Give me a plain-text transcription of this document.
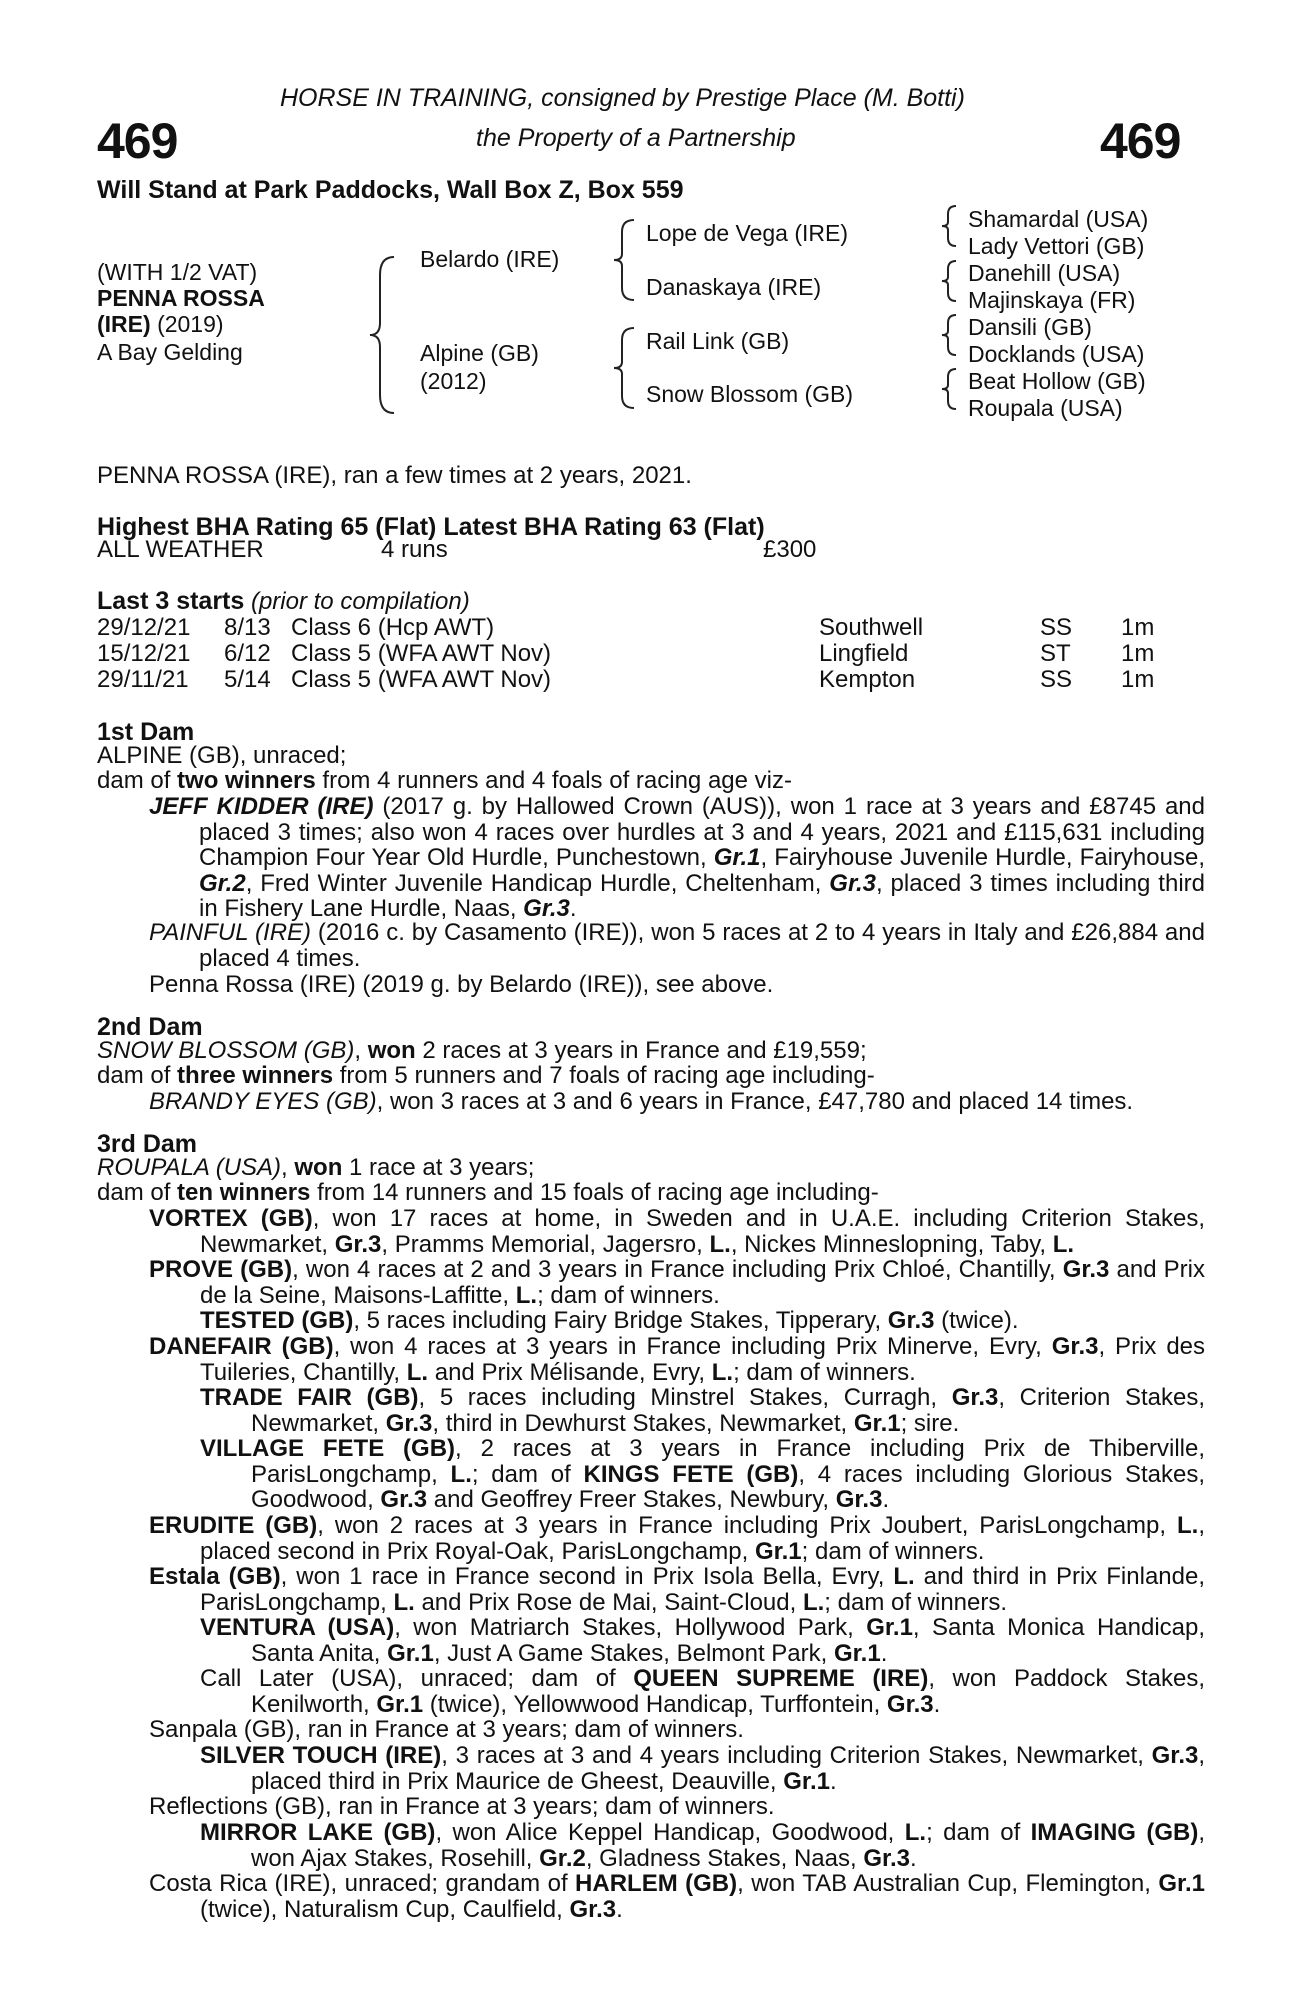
469	469
HORSE IN TRAINING, consigned by Prestige Place (M. Botti)
the Property of a Partnership
Will Stand at Park Paddocks, Wall Box Z, Box 559
(WITH 1/2 VAT)
PENNA ROSSA
(IRE) (2019)
A Bay Gelding
Belardo (IRE)
Alpine (GB)
(2012)
Lope de Vega (IRE)
Danaskaya (IRE)
Rail Link (GB)
Snow Blossom (GB)
Shamardal (USA)
Lady Vettori (GB)
Danehill (USA)
Majinskaya (FR)
Dansili (GB)
Docklands (USA)
Beat Hollow (GB)
Roupala (USA)
PENNA ROSSA (IRE), ran a few times at 2 years, 2021.
Highest BHA Rating 65 (Flat) Latest BHA Rating 63 (Flat)
ALL WEATHER	4 runs	£300
Last 3 starts (prior to compilation)
29/12/21 8/13 Class 6 (Hcp AWT)	Southwell	SS 1m
15/12/21 6/12 Class 5 (WFA AWT Nov)	Lingfield	ST 1m
29/11/21 5/14 Class 5 (WFA AWT Nov)	Kempton	SS 1m
1st Dam
ALPINE (GB), unraced;
dam of two winners from 4 runners and 4 foals of racing age viz-
JEFF KIDDER (IRE) (2017 g. by Hallowed Crown (AUS)), won 1 race at 3 years and £8745 and placed 3 times; also won 4 races over hurdles at 3 and 4 years, 2021 and £115,631 including Champion Four Year Old Hurdle, Punchestown, Gr.1, Fairyhouse Juvenile Hurdle, Fairyhouse, Gr.2, Fred Winter Juvenile Handicap Hurdle, Cheltenham, Gr.3, placed 3 times including third in Fishery Lane Hurdle, Naas, Gr.3.
PAINFUL (IRE) (2016 c. by Casamento (IRE)), won 5 races at 2 to 4 years in Italy and £26,884 and placed 4 times.
Penna Rossa (IRE) (2019 g. by Belardo (IRE)), see above.
2nd Dam
SNOW BLOSSOM (GB), won 2 races at 3 years in France and £19,559;
dam of three winners from 5 runners and 7 foals of racing age including-
BRANDY EYES (GB), won 3 races at 3 and 6 years in France, £47,780 and placed 14 times.
3rd Dam
ROUPALA (USA), won 1 race at 3 years;
dam of ten winners from 14 runners and 15 foals of racing age including-
VORTEX (GB), won 17 races at home, in Sweden and in U.A.E. including Criterion Stakes, Newmarket, Gr.3, Pramms Memorial, Jagersro, L., Nickes Minneslopning, Taby, L.
PROVE (GB), won 4 races at 2 and 3 years in France including Prix Chloé, Chantilly, Gr.3 and Prix de la Seine, Maisons-Laffitte, L.; dam of winners.
TESTED (GB), 5 races including Fairy Bridge Stakes, Tipperary, Gr.3 (twice).
DANEFAIR (GB), won 4 races at 3 years in France including Prix Minerve, Evry, Gr.3, Prix des Tuileries, Chantilly, L. and Prix Mélisande, Evry, L.; dam of winners.
TRADE FAIR (GB), 5 races including Minstrel Stakes, Curragh, Gr.3, Criterion Stakes, Newmarket, Gr.3, third in Dewhurst Stakes, Newmarket, Gr.1; sire.
VILLAGE FETE (GB), 2 races at 3 years in France including Prix de Thiberville, ParisLongchamp, L.; dam of KINGS FETE (GB), 4 races including Glorious Stakes, Goodwood, Gr.3 and Geoffrey Freer Stakes, Newbury, Gr.3.
ERUDITE (GB), won 2 races at 3 years in France including Prix Joubert, ParisLongchamp, L., placed second in Prix Royal-Oak, ParisLongchamp, Gr.1; dam of winners.
Estala (GB), won 1 race in France second in Prix Isola Bella, Evry, L. and third in Prix Finlande, ParisLongchamp, L. and Prix Rose de Mai, Saint-Cloud, L.; dam of winners.
VENTURA (USA), won Matriarch Stakes, Hollywood Park, Gr.1, Santa Monica Handicap, Santa Anita, Gr.1, Just A Game Stakes, Belmont Park, Gr.1.
Call Later (USA), unraced; dam of QUEEN SUPREME (IRE), won Paddock Stakes, Kenilworth, Gr.1 (twice), Yellowwood Handicap, Turffontein, Gr.3.
Sanpala (GB), ran in France at 3 years; dam of winners.
SILVER TOUCH (IRE), 3 races at 3 and 4 years including Criterion Stakes, Newmarket, Gr.3, placed third in Prix Maurice de Gheest, Deauville, Gr.1.
Reflections (GB), ran in France at 3 years; dam of winners.
MIRROR LAKE (GB), won Alice Keppel Handicap, Goodwood, L.; dam of IMAGING (GB), won Ajax Stakes, Rosehill, Gr.2, Gladness Stakes, Naas, Gr.3.
Costa Rica (IRE), unraced; grandam of HARLEM (GB), won TAB Australian Cup, Flemington, Gr.1 (twice), Naturalism Cup, Caulfield, Gr.3.
